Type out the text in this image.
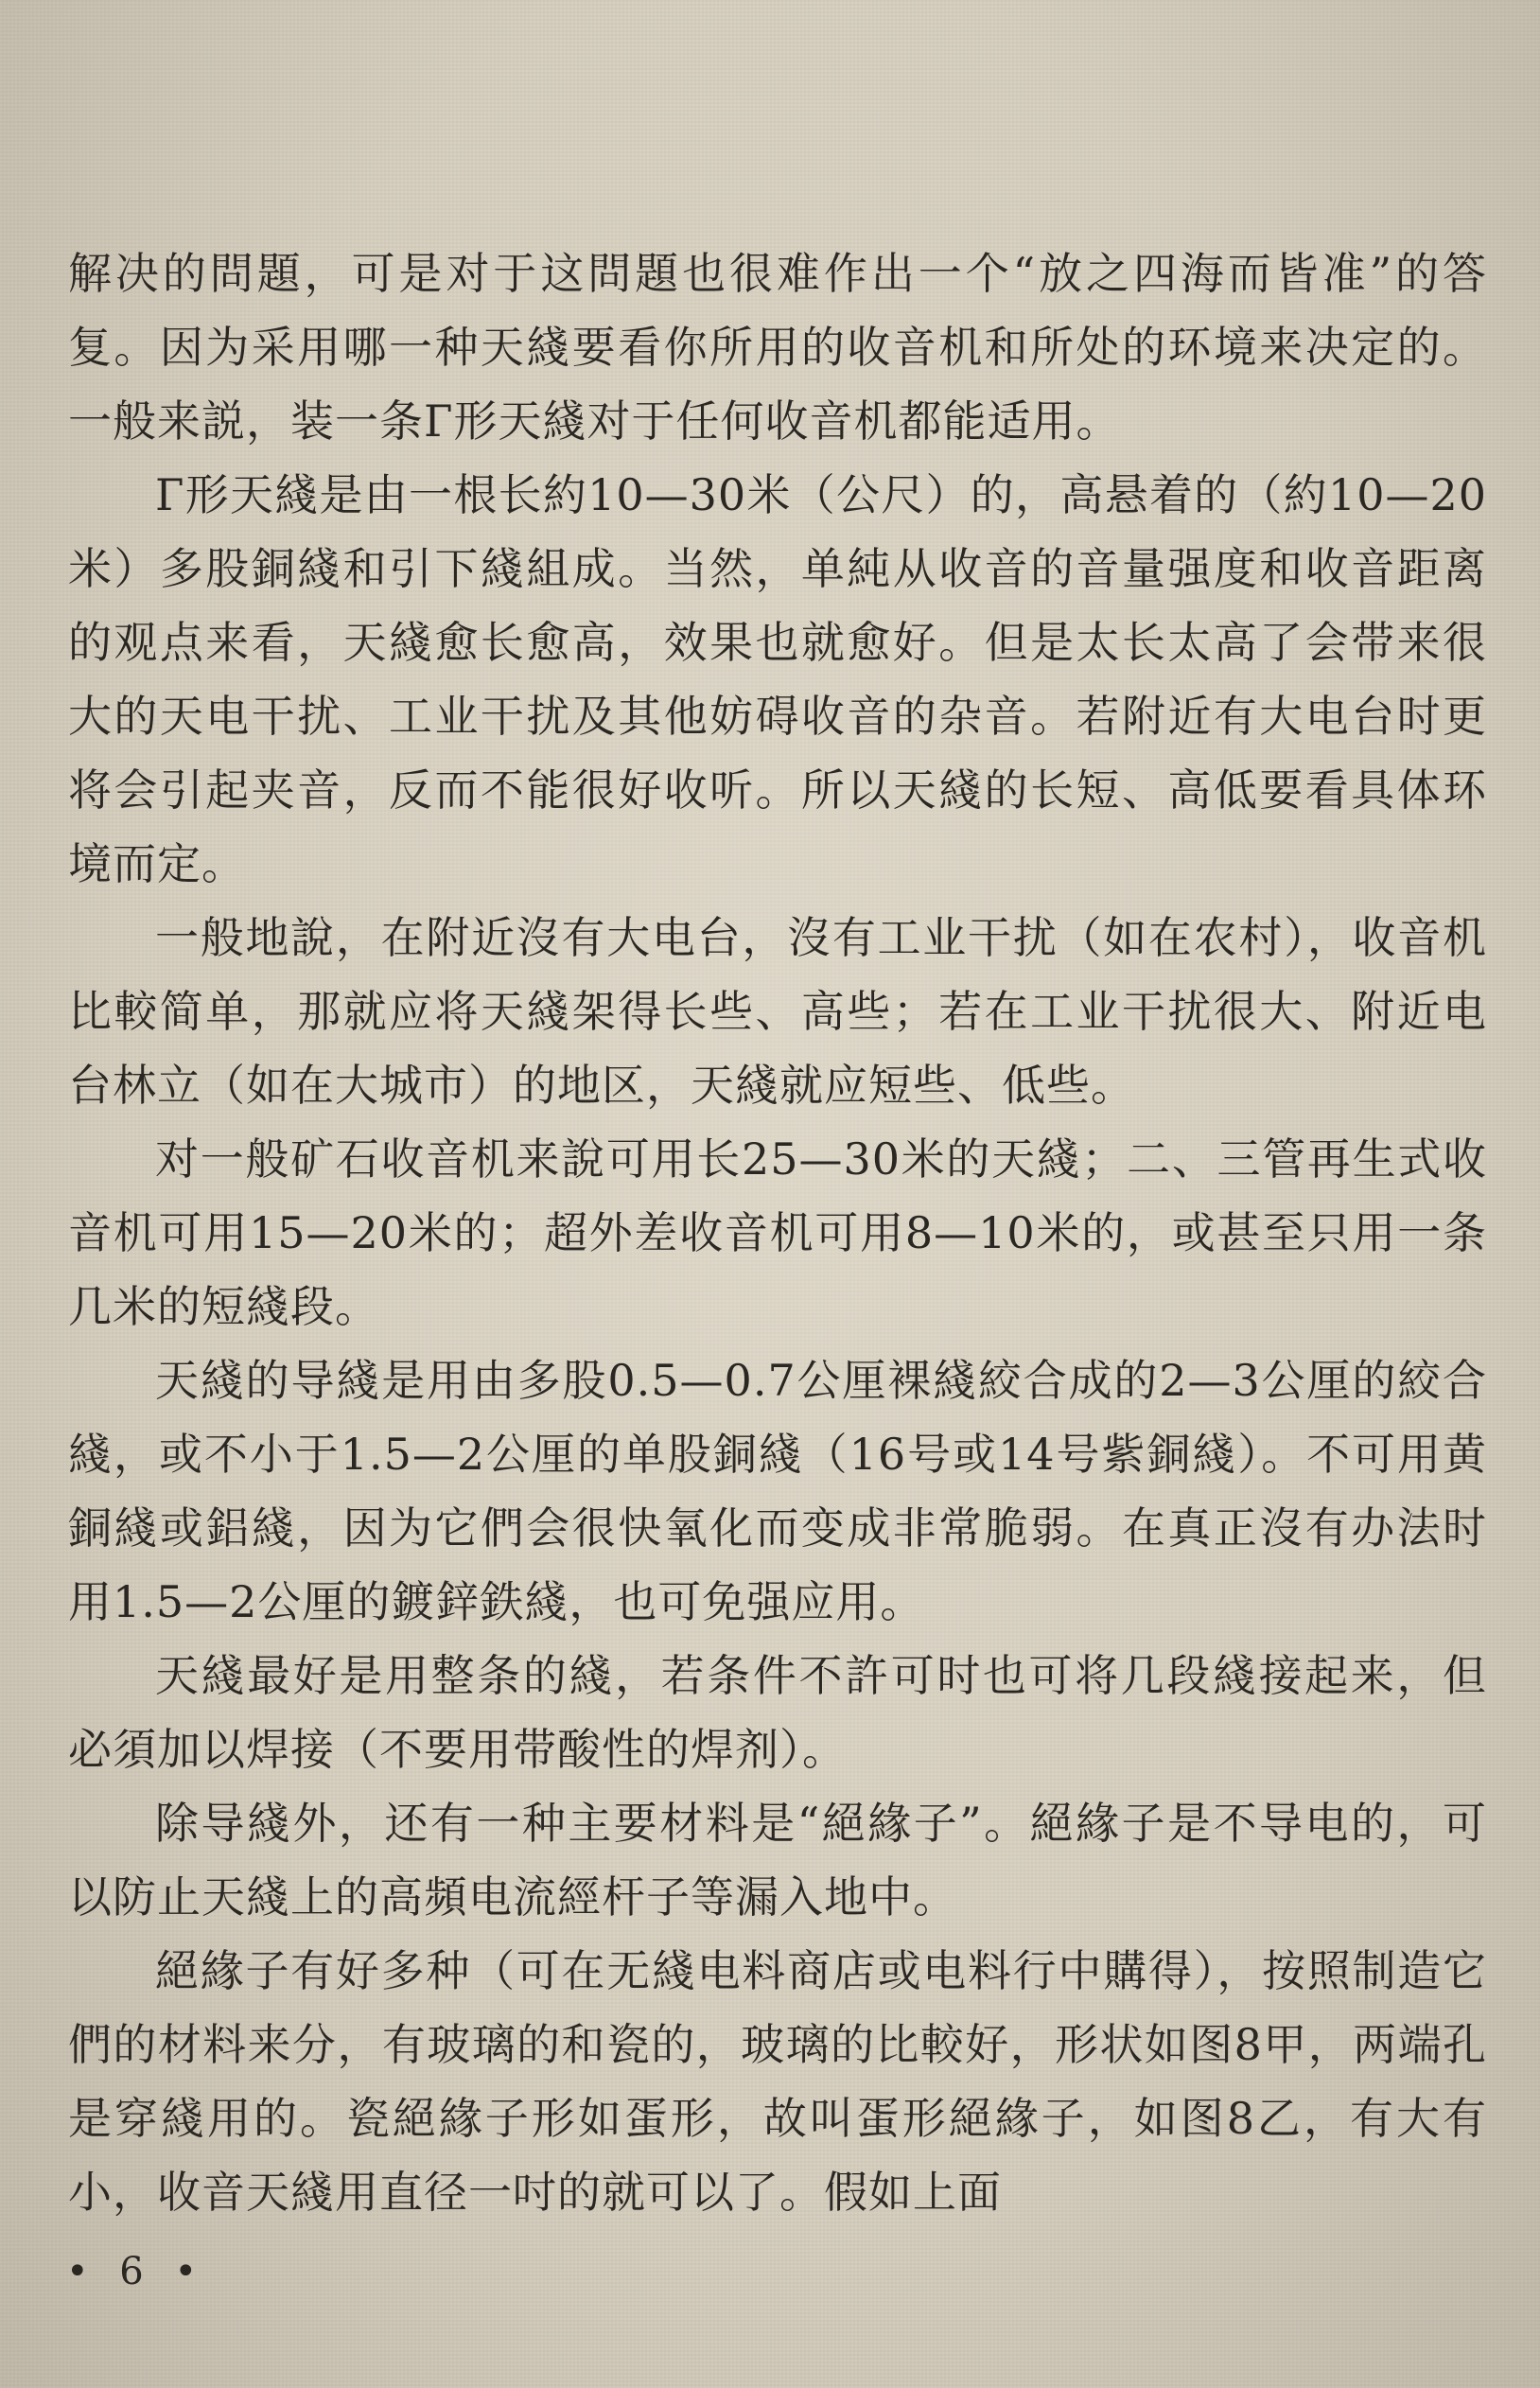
解决的問題，可是对于这問題也很难作出一个“放之四海而皆准”的答复。因为采用哪一种天綫要看你所用的收音机和所处的环境来决定的。一般来説，装一条Г形天綫对于任何收音机都能适用。

Г形天綫是由一根长約10—30米（公尺）的，高悬着的（約10—20米）多股銅綫和引下綫組成。当然，单純从收音的音量强度和收音距离的观点来看，天綫愈长愈高，效果也就愈好。但是太长太高了会带来很大的天电干扰、工业干扰及其他妨碍收音的杂音。若附近有大电台时更将会引起夹音，反而不能很好收听。所以天綫的长短、高低要看具体环境而定。

一般地說，在附近沒有大电台，沒有工业干扰（如在农村），收音机比較简单，那就应将天綫架得长些、高些；若在工业干扰很大、附近电台林立（如在大城市）的地区，天綫就应短些、低些。

对一般矿石收音机来說可用长25—30米的天綫；二、三管再生式收音机可用15—20米的；超外差收音机可用8—10米的，或甚至只用一条几米的短綫段。

天綫的导綫是用由多股0.5—0.7公厘裸綫絞合成的2—3公厘的絞合綫，或不小于1.5—2公厘的单股銅綫（16号或14号紫銅綫）。不可用黄銅綫或鋁綫，因为它們会很快氧化而变成非常脆弱。在真正沒有办法时用1.5—2公厘的鍍鋅鉄綫，也可免强应用。

天綫最好是用整条的綫，若条件不許可时也可将几段綫接起来，但必須加以焊接（不要用带酸性的焊剂）。

除导綫外，还有一种主要材料是“絕緣子”。絕緣子是不导电的，可以防止天綫上的高頻电流經杆子等漏入地中。

絕緣子有好多种（可在无綫电料商店或电料行中購得），按照制造它們的材料来分，有玻璃的和瓷的，玻璃的比較好，形状如图8甲，两端孔是穿綫用的。瓷絕緣子形如蛋形，故叫蛋形絕緣子，如图8乙，有大有小，收音天綫用直径一吋的就可以了。假如上面

• 6 •
